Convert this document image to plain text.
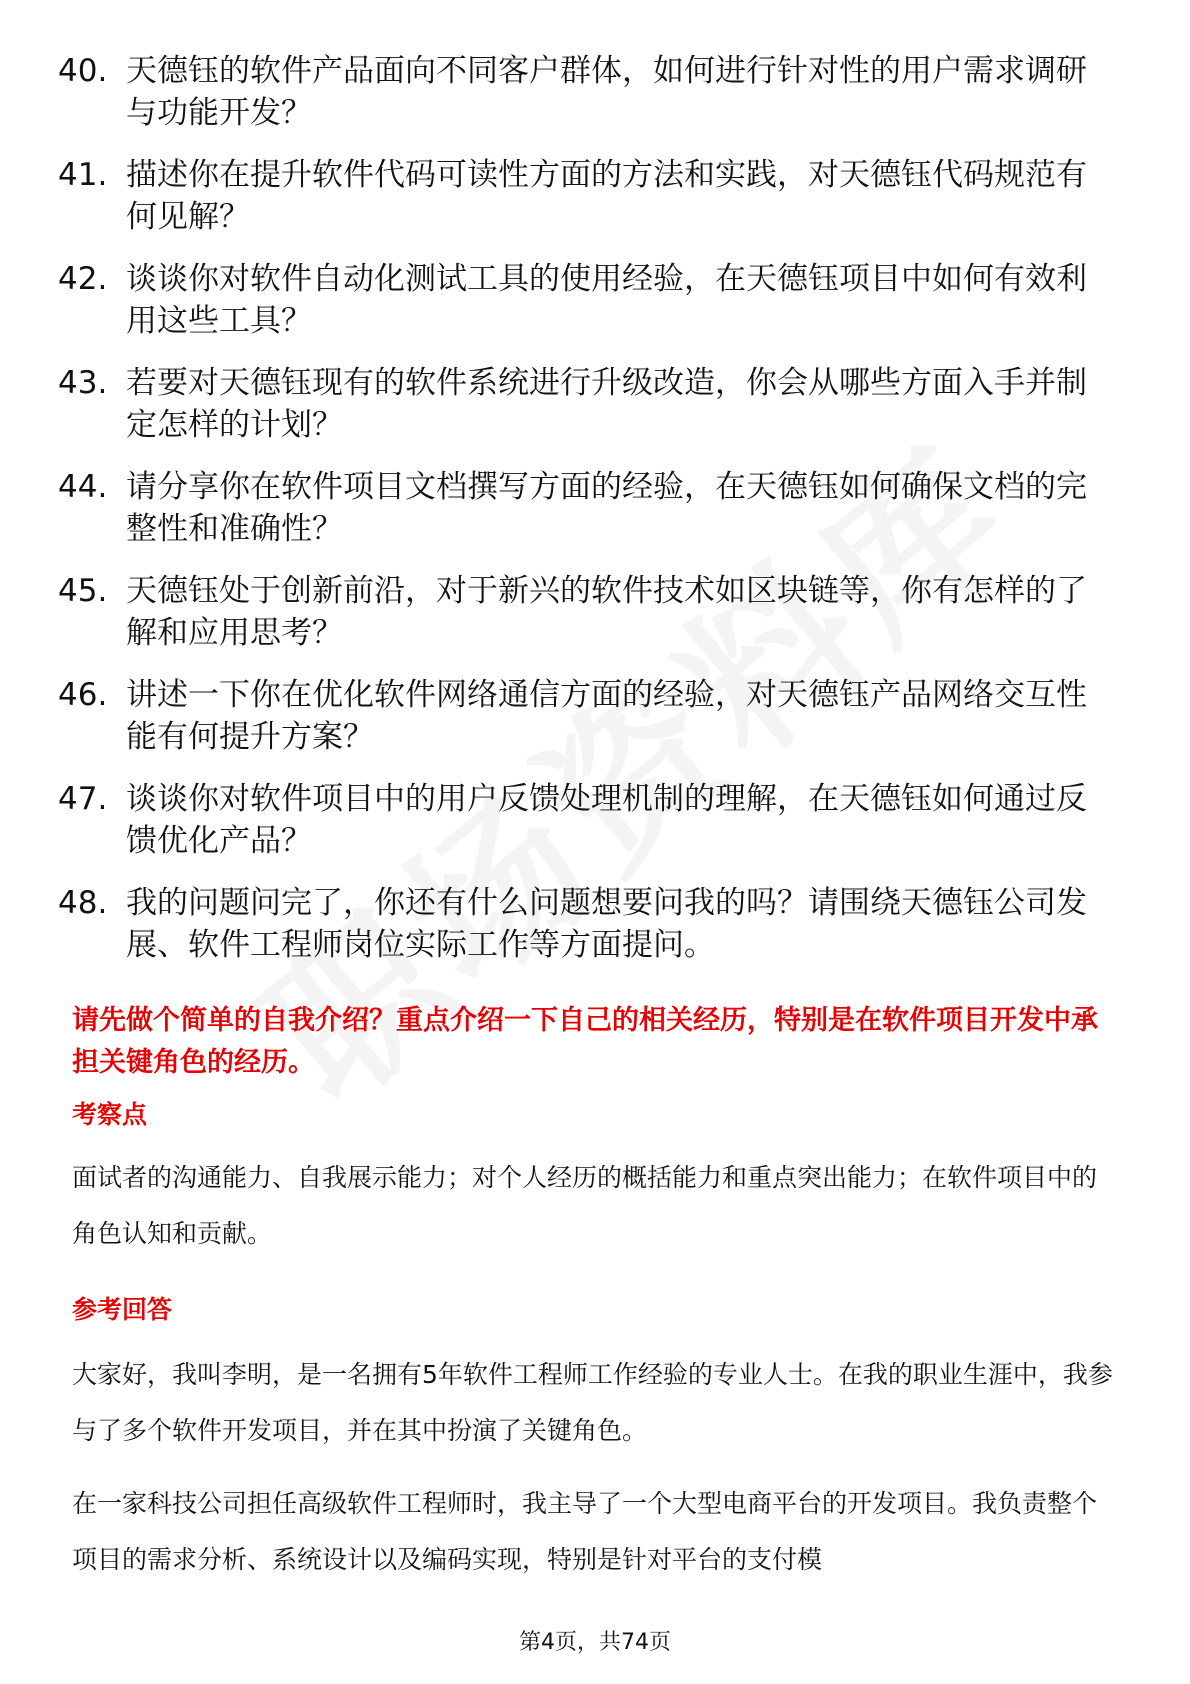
40. 天德钰的软件产品面向不同客户群体，如何进行针对性的用户需求调研与功能开发？
41. 描述你在提升软件代码可读性方面的方法和实践，对天德钰代码规范有何见解？
42. 谈谈你对软件自动化测试工具的使用经验，在天德钰项目中如何有效利用这些工具？
43. 若要对天德钰现有的软件系统进行升级改造，你会从哪些方面入手并制定怎样的计划？
44. 请分享你在软件项目文档撰写方面的经验，在天德钰如何确保文档的完整性和准确性？
45. 天德钰处于创新前沿，对于新兴的软件技术如区块链等，你有怎样的了解和应用思考？
46. 讲述一下你在优化软件网络通信方面的经验，对天德钰产品网络交互性能有何提升方案？
47. 谈谈你对软件项目中的用户反馈处理机制的理解，在天德钰如何通过反馈优化产品？
48. 我的问题问完了，你还有什么问题想要问我的吗？请围绕天德钰公司发展、软件工程师岗位实际工作等方面提问。

请先做个简单的自我介绍？重点介绍一下自己的相关经历，特别是在软件项目开发中承担关键角色的经历。

考察点

面试者的沟通能力、自我展示能力；对个人经历的概括能力和重点突出能力；在软件项目中的角色认知和贡献。

参考回答

大家好，我叫李明，是一名拥有5年软件工程师工作经验的专业人士。在我的职业生涯中，我参与了多个软件开发项目，并在其中扮演了关键角色。

在一家科技公司担任高级软件工程师时，我主导了一个大型电商平台的开发项目。我负责整个项目的需求分析、系统设计以及编码实现，特别是针对平台的支付模

第4页，共74页
